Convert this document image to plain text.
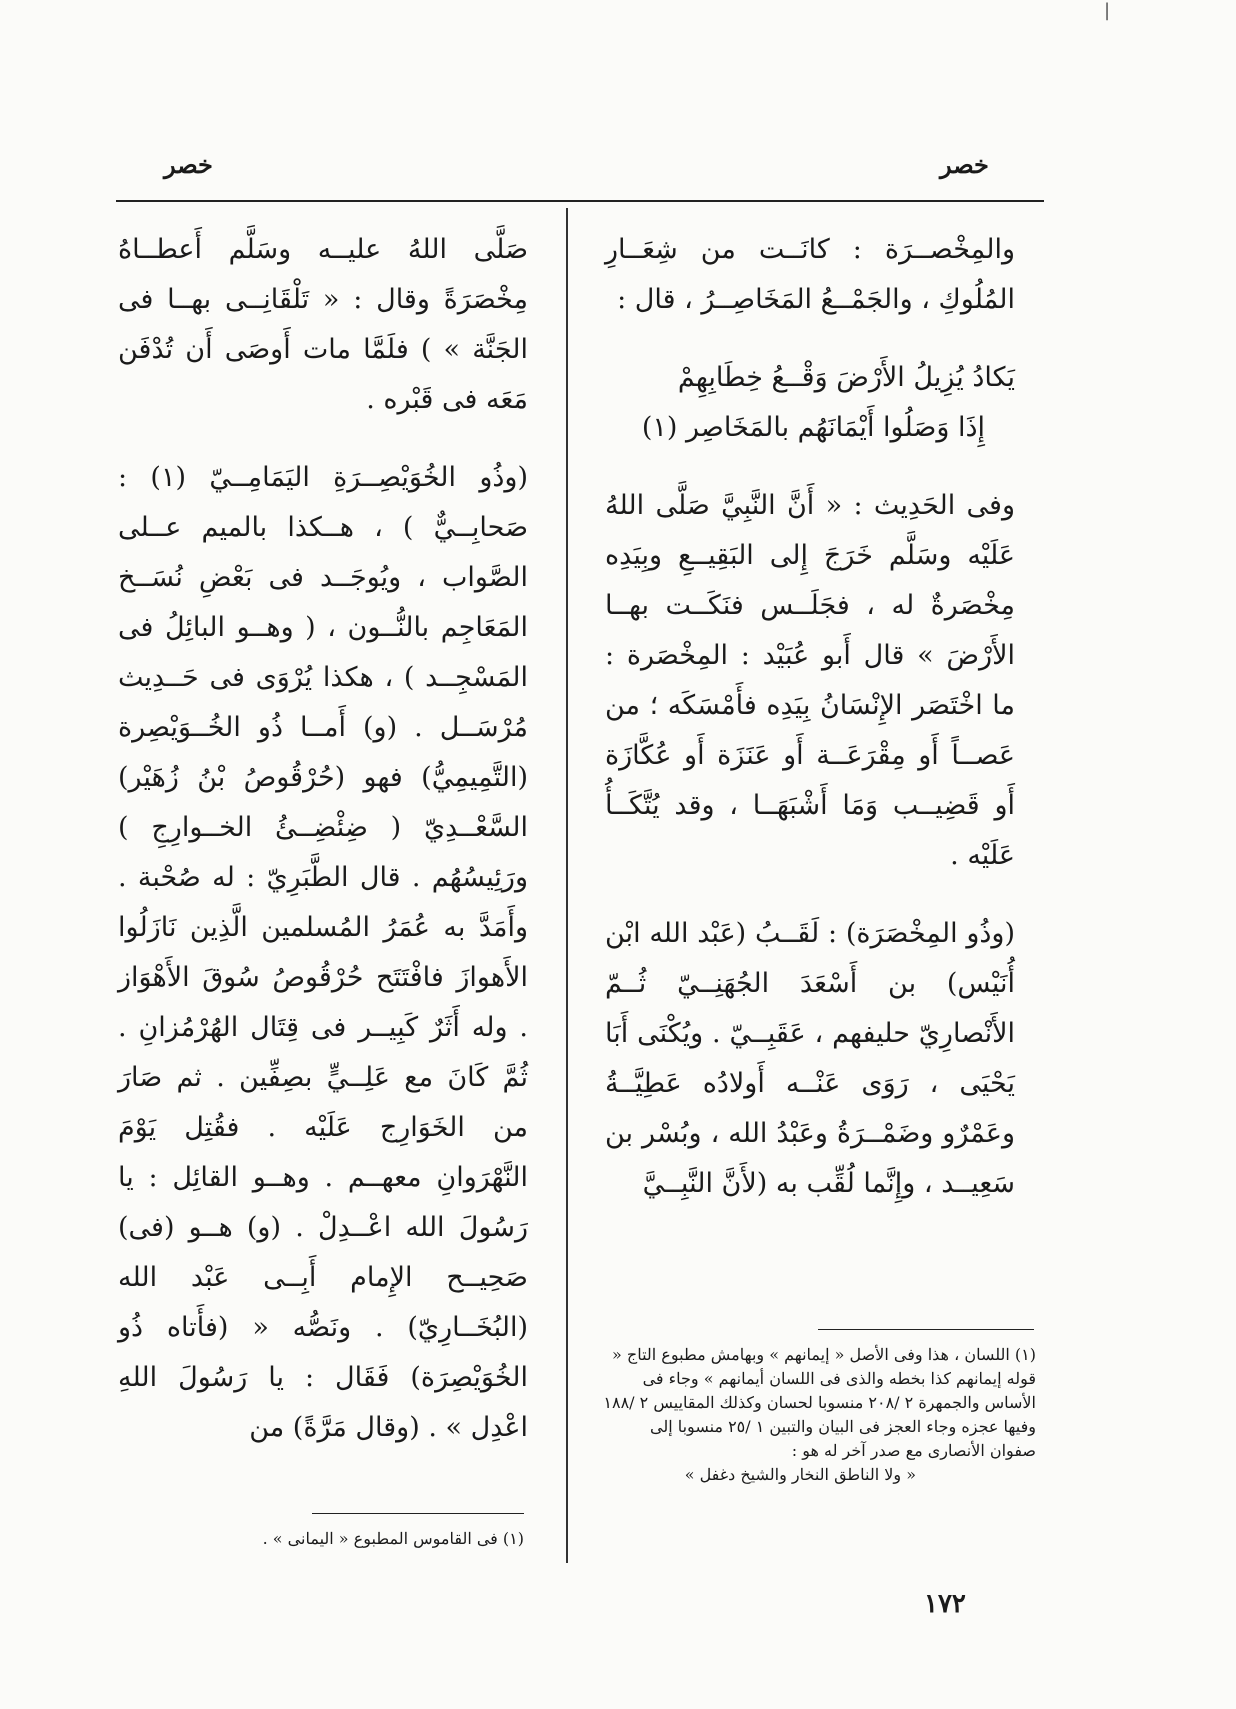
|
خصر
خصر

والمِخْصــرَة : كانَــت من شِعَــارِ المُلُوكِ ، والجَمْــعُ المَخَاصِــرُ ، قال :

يَكادُ يُزِيلُ الأَرْضَ وَقْــعُ خِطَابِهِمْ

إِذَا وَصَلُوا أَيْمَانَهُم بالمَخَاصِر (١)

وفى الحَدِيث : « أَنَّ النَّبِيَّ صَلَّى اللهُ عَلَيْه وسَلَّم خَرَجَ إِلى البَقِيــعِ وبِيَدِه مِخْصَرةٌ له ، فجَلَــس فنَكَــت بهــا الأَرْضَ » قال أَبو عُبَيْد : المِخْصَرة : ما اخْتَصَر الإِنْسَانُ بِيَدِه فأَمْسَكَه ؛ من عَصــاً أَو مِقْرَعَــة أَو عَنَزَة أَو عُكَّازَة أَو قَضِيــب وَمَا أَشْبَهَــا ، وقد يُتَّكَــأُ عَلَيْه .

(وذُو المِخْصَرَة) : لَقَــبُ (عَبْد الله ابْن أُنَيْس) بن أَسْعَدَ الجُهَنِــيّ ثُــمّ الأَنْصارِيّ حليفهم ، عَقَبِــيّ . ويُكْنَى أَبَا يَحْيَى ، رَوَى عَنْــه أَولادُه عَطِيَّــةُ وعَمْرٌو وضَمْــرَةُ وعَبْدُ الله ، وبُسْر بن سَعِيــد ، وإِنَّما لُقِّب به (لأَنَّ النَّبِــيَّ

صَلَّى اللهُ عليــه وسَلَّم أَعطــاهُ مِخْصَرَةً وقال : « تَلْقَانِــى بهــا فى الجَنَّة » ) فلَمَّا مات أَوصَى أَن تُدْفَن مَعَه فى قَبْره .

(وذُو الخُوَيْصِــرَةِ اليَمَامِــيّ (١) : صَحابِــيٌّ ) ، هــكذا بالميم عــلى الصَّواب ، ويُوجَــد فى بَعْضِ نُسَــخ المَعَاجِم بالنُّــون ، ( وهــو البائِلُ فى المَسْجِــد ) ، هكذا يُرْوَى فى حَــدِيث مُرْسَــل . (و) أَمــا ذُو الخُــوَيْصِرة (التَّمِيمِيُّ) فهو (حُرْقُوصُ بْنُ زُهَيْر) السَّعْــدِيّ ( ضِئْضِــئُ الخــوارِجِ ) ورَئِيسُهُم . قال الطَّبَرِيّ : له صُحْبة . وأَمَدَّ به عُمَرُ المُسلمين الَّذِين نَازَلُوا الأَهوازَ فافْتَتَح حُرْقُوصُ سُوقَ الأَهْوَاز . وله أَثَرٌ كَبِيــر فى قِتَال الهُرْمُزانِ . ثُمَّ كَانَ مع عَلِــيٍّ بصِفِّين . ثم صَارَ من الخَوَارِج عَلَيْه . فقُتِل يَوْمَ النَّهْرَوانِ معهــم . وهــو القائِل : يا رَسُولَ الله اعْــدِلْ . (و) هــو (فى) صَحِيــح الإِمام أَبِــى عَبْد الله (البُخَــارِيّ) . ونَصُّه « (فأَتاه ذُو الخُوَيْصِرَة) فَقَال : يا رَسُولَ اللهِ اعْدِل » . (وقال مَرَّةً) من

(١) اللسان ، هذا وفى الأصل « إيمانهم » وبهامش مطبوع التاج « قوله إيمانهم كذا بخطه والذى فى اللسان أيمانهم » وجاء فى الأساس والجمهرة ٢ /٢٠٨ منسوبا لحسان وكذلك المقاييس ٢ /١٨٨ وفيها عجزه وجاء العجز فى البيان والتبين ١ /٢٥ منسوبا إلى صفوان الأنصارى مع صدر آخر له هو :
« ولا الناطق النخار والشيخ دغفل »
(١) فى القاموس المطبوع « اليمانى » .
١٧٢
